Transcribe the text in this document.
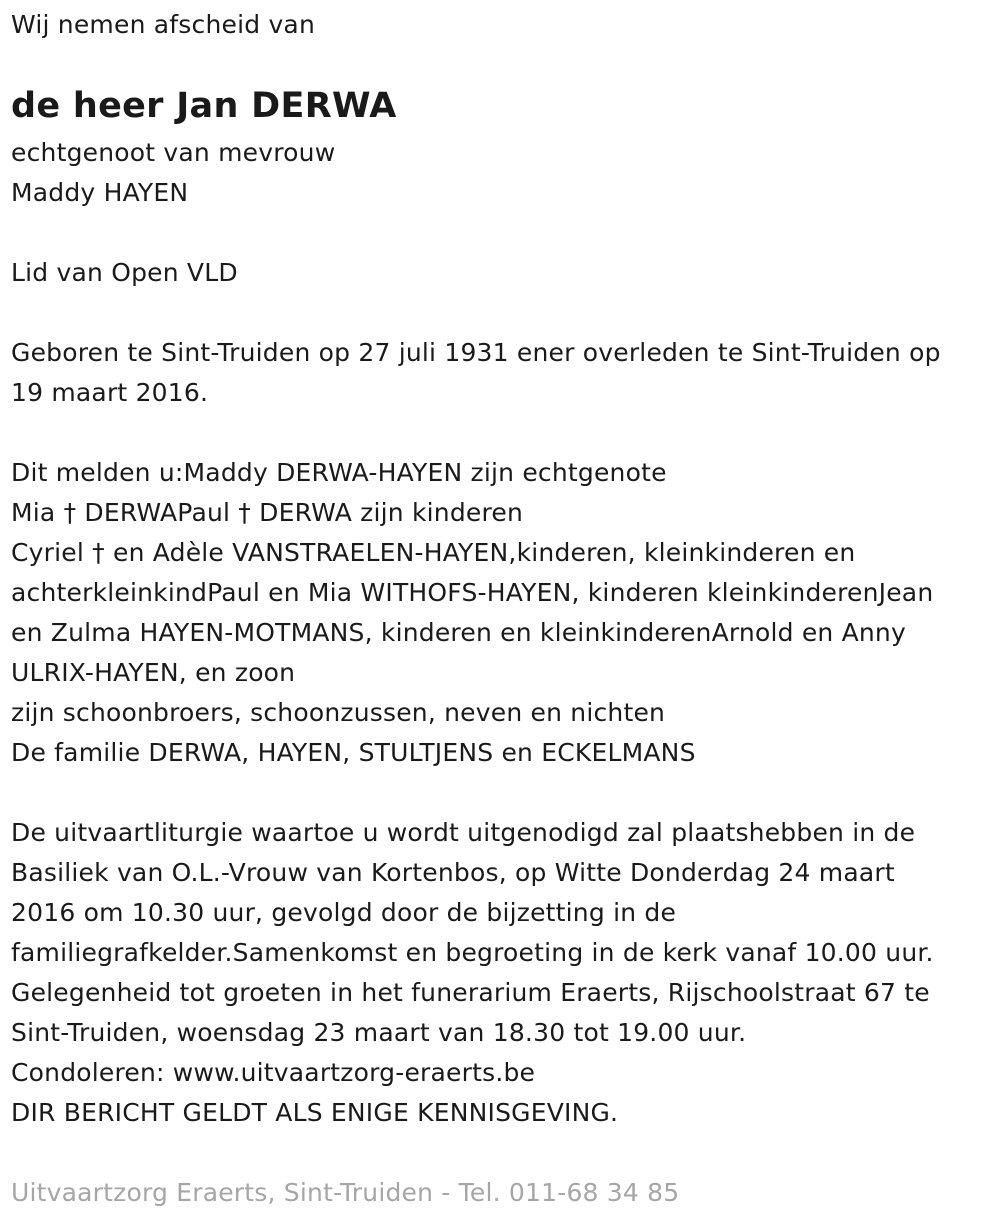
Wij nemen afscheid van
de heer Jan DERWA
echtgenoot van mevrouw
Maddy HAYEN
Lid van Open VLD
Geboren te Sint-Truiden op 27 juli 1931 ener overleden te Sint-Truiden op
19 maart 2016.
Dit melden u:Maddy DERWA-HAYEN zijn echtgenote
Mia † DERWAPaul † DERWA zijn kinderen
Cyriel † en Adèle VANSTRAELEN-HAYEN,kinderen, kleinkinderen en
achterkleinkindPaul en Mia WITHOFS-HAYEN, kinderen kleinkinderenJean
en Zulma HAYEN-MOTMANS, kinderen en kleinkinderenArnold en Anny
ULRIX-HAYEN, en zoon
zijn schoonbroers, schoonzussen, neven en nichten
De familie DERWA, HAYEN, STULTJENS en ECKELMANS
De uitvaartliturgie waartoe u wordt uitgenodigd zal plaatshebben in de
Basiliek van O.L.-Vrouw van Kortenbos, op Witte Donderdag 24 maart
2016 om 10.30 uur, gevolgd door de bijzetting in de
familiegrafkelder.Samenkomst en begroeting in de kerk vanaf 10.00 uur.
Gelegenheid tot groeten in het funerarium Eraerts, Rijschoolstraat 67 te
Sint-Truiden, woensdag 23 maart van 18.30 tot 19.00 uur.
Condoleren: www.uitvaartzorg-eraerts.be
DIR BERICHT GELDT ALS ENIGE KENNISGEVING.
Uitvaartzorg Eraerts, Sint-Truiden - Tel. 011-68 34 85
